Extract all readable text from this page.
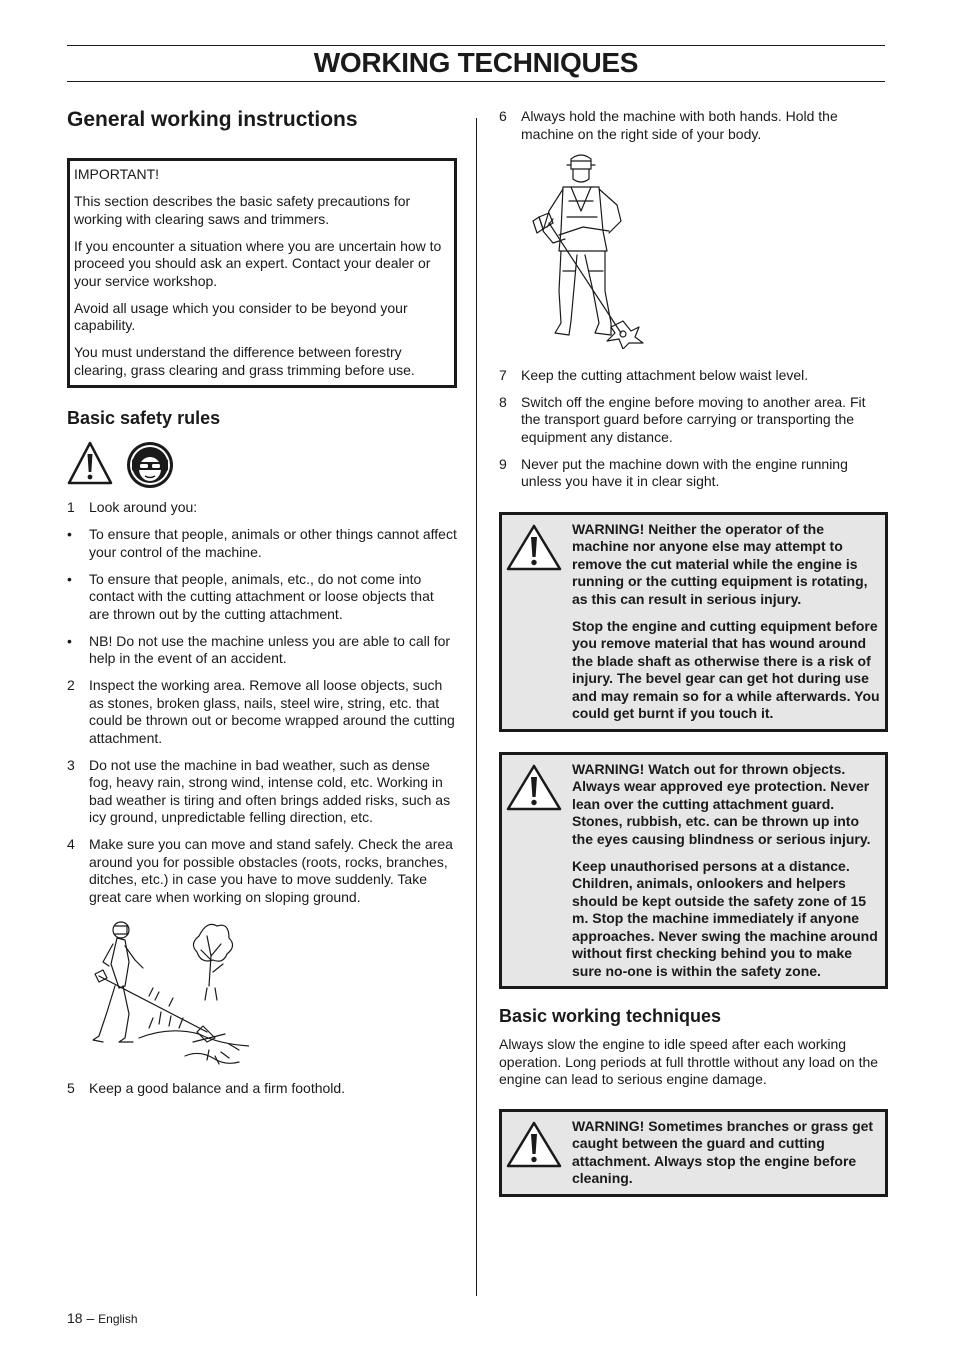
WORKING TECHNIQUES
General working instructions

IMPORTANT!

This section describes the basic safety precautions for working with clearing saws and trimmers.

If you encounter a situation where you are uncertain how to proceed you should ask an expert. Contact your dealer or your service workshop.

Avoid all usage which you consider to be beyond your capability.

You must understand the difference between forestry clearing, grass clearing and grass trimming before use.

Basic safety rules
1 Look around you:
• To ensure that people, animals or other things cannot affect your control of the machine.
• To ensure that people, animals, etc., do not come into contact with the cutting attachment or loose objects that are thrown out by the cutting attachment.
• NB! Do not use the machine unless you are able to call for help in the event of an accident.
2 Inspect the working area. Remove all loose objects, such as stones, broken glass, nails, steel wire, string, etc. that could be thrown out or become wrapped around the cutting attachment.
3 Do not use the machine in bad weather, such as dense fog, heavy rain, strong wind, intense cold, etc. Working in bad weather is tiring and often brings added risks, such as icy ground, unpredictable felling direction, etc.
4 Make sure you can move and stand safely. Check the area around you for possible obstacles (roots, rocks, branches, ditches, etc.) in case you have to move suddenly. Take great care when working on sloping ground.
5 Keep a good balance and a firm foothold.
6 Always hold the machine with both hands. Hold the machine on the right side of your body.
7 Keep the cutting attachment below waist level.
8 Switch off the engine before moving to another area. Fit the transport guard before carrying or transporting the equipment any distance.
9 Never put the machine down with the engine running unless you have it in clear sight.

WARNING! Neither the operator of the machine nor anyone else may attempt to remove the cut material while the engine is running or the cutting equipment is rotating, as this can result in serious injury.

Stop the engine and cutting equipment before you remove material that has wound around the blade shaft as otherwise there is a risk of injury. The bevel gear can get hot during use and may remain so for a while afterwards. You could get burnt if you touch it.

WARNING! Watch out for thrown objects. Always wear approved eye protection. Never lean over the cutting attachment guard. Stones, rubbish, etc. can be thrown up into the eyes causing blindness or serious injury.

Keep unauthorised persons at a distance. Children, animals, onlookers and helpers should be kept outside the safety zone of 15 m. Stop the machine immediately if anyone approaches. Never swing the machine around without first checking behind you to make sure no-one is within the safety zone.

Basic working techniques

Always slow the engine to idle speed after each working operation. Long periods at full throttle without any load on the engine can lead to serious engine damage.

WARNING! Sometimes branches or grass get caught between the guard and cutting attachment. Always stop the engine before cleaning.

18 – English
